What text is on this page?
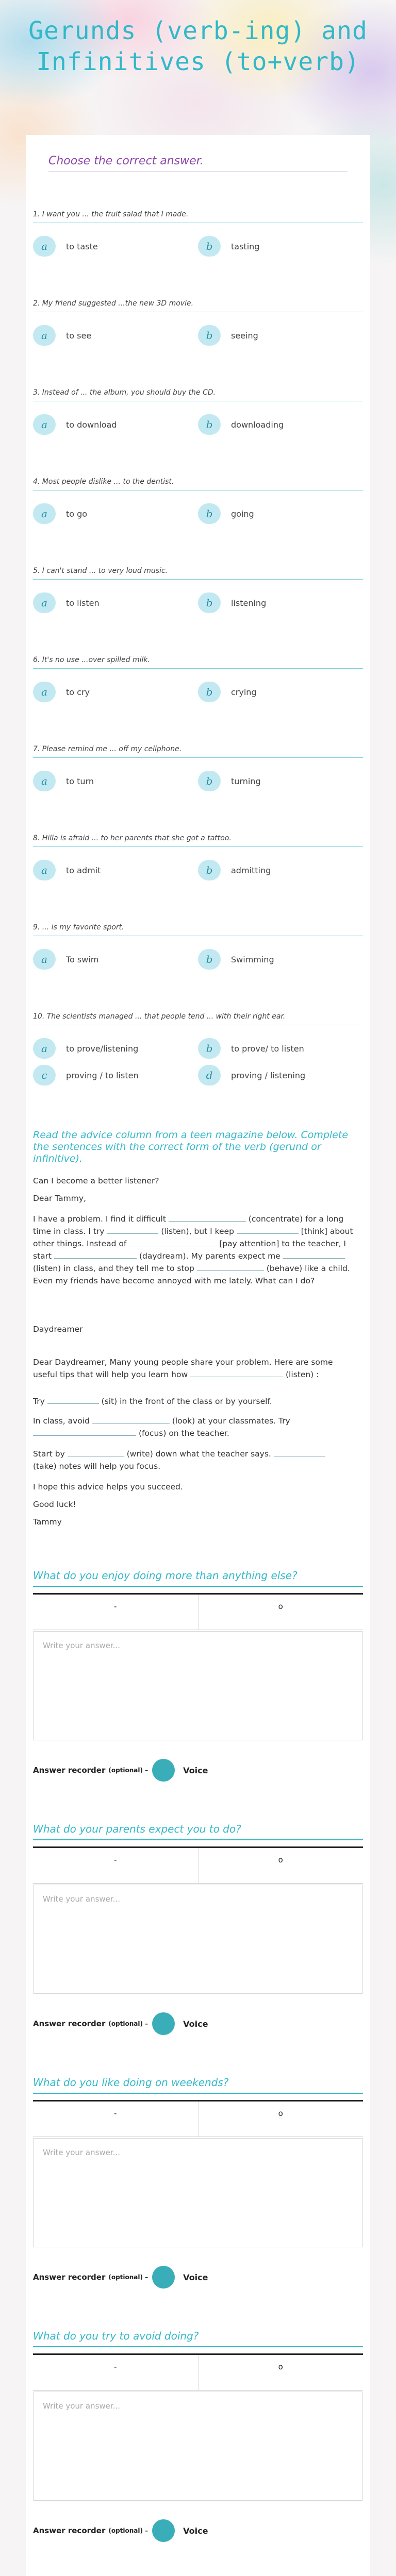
Gerunds (verb-ing) and Infinitives (to+verb)
Choose the correct answer.
1. I want you ... the fruit salad that I made.
a	to taste	b	tasting
2. My friend suggested ...the new 3D movie.
a	to see	b	seeing
3. Instead of ... the album, you should buy the CD.
a	to download	b	downloading
4. Most people dislike ... to the dentist.
a	to go	b	going
5. I can't stand ... to very loud music.
a	to listen	b	listening
6. It's no use ...over spilled milk.
a	to cry	b	crying
7. Please remind me ... off my cellphone.
a	to turn	b	turning
8. Hilla is afraid ... to her parents that she got a tattoo.
a	to admit	b	admitting
9. ... is my favorite sport.
a	To swim	b	Swimming
10. The scientists managed ... that people tend ... with their right ear.
a	to prove/listening	b	to prove/ to listen
c	proving / to listen	d	proving / listening
Read the advice column from a teen magazine below. Complete the sentences with the correct form of the verb (gerund or infinitive).
Can I become a better listener?
Dear Tammy,
I have a problem. I find it difficult	(concentrate) for a long time in class. I try	(listen), but I keep	[think] about other things. Instead of	[pay attention] to the teacher, I start	(daydream). My parents expect me  (listen) in class, and they tell me to stop	(behave) like a child. Even my friends have become annoyed with me lately. What can I do?
Daydreamer
Dear Daydreamer, Many young people share your problem. Here are some useful tips that will help you learn how	(listen) :
Try	(sit) in the front of the class or by yourself.
In class, avoid	(look) at your classmates. Try
(focus) on the teacher.
Start by	(write) down what the teacher says.
(take) notes will help you focus.
I hope this advice helps you succeed.
Good luck!
Tammy
What do you enjoy doing more than anything else?
-	o
Write your answer...
Answer recorder (optional) –	Voice
What do your parents expect you to do?
-	o
Write your answer...
Answer recorder (optional) –	Voice
What do you like doing on weekends?
-	o
Write your answer...
Answer recorder (optional) –	Voice
What do you try to avoid doing?
-	o
Write your answer...
Answer recorder (optional) –	Voice
